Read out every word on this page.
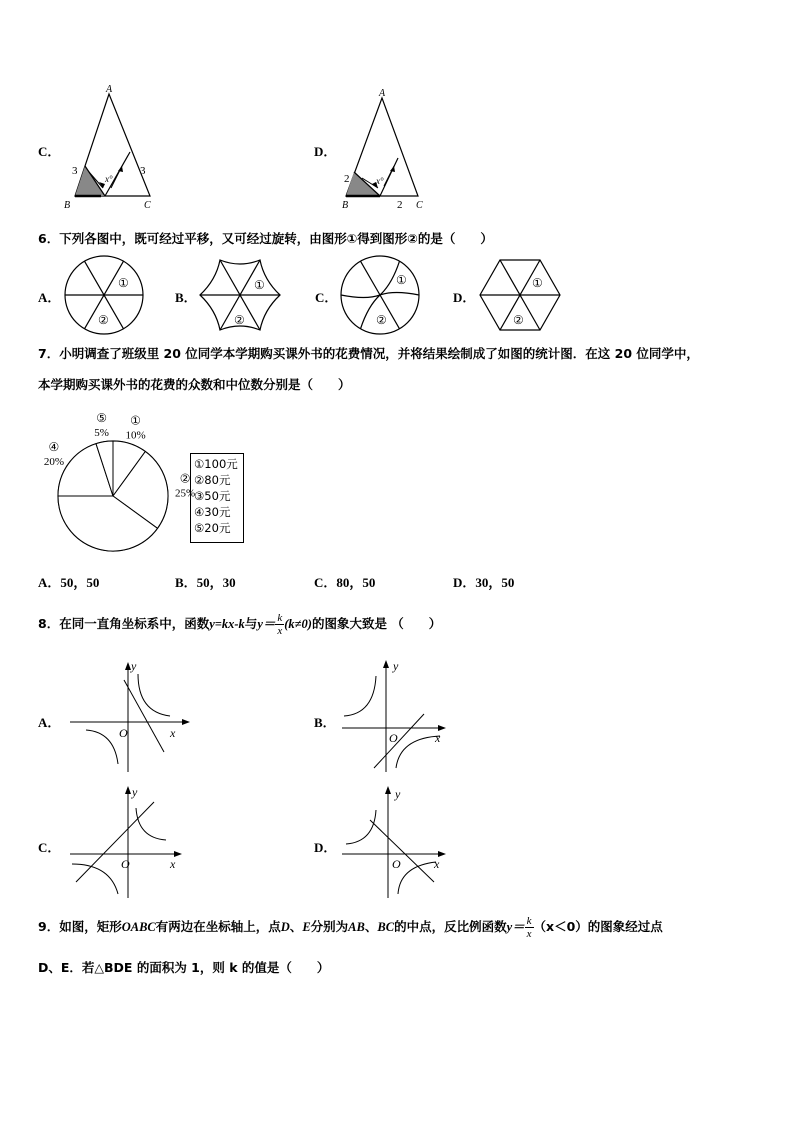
C．
A
B	C
3	3
x°
D．
A
B	C
2
2
x°
6．下列各图中，既可经过平移，又可经过旋转，由图形①得到图形②的是（　　）
A．
①
②
B．
①
②
C．
①
②
D．
①
②
7．小明调查了班级里 20 位同学本学期购买课外书的花费情况，并将结果绘制成了如图的统计图．在这 20 位同学中，
本学期购买课外书的花费的众数和中位数分别是（　　）
①
10%
②
25%
④
20%
⑤
5%
①100元
②80元
③50元
④30元
⑤20元
A．50，50	B．50，30	C．80，50	D．30，50
8．在同一直角坐标系中，函数y=kx-k与$y= \frac{k}{x} (k\ne 0)$的图象大致是 （　　）
A．
O	x
y
B．
O	x
y
C．
O	x
y
D．
O	x
y
9．如图，矩形OABC有两边在坐标轴上，点D、E分别为AB、BC的中点，反比例函数$y= \frac{k}{x} (x<0)$的图象经过点
D、E．若△BDE 的面积为 1，则 k 的值是（　　）
